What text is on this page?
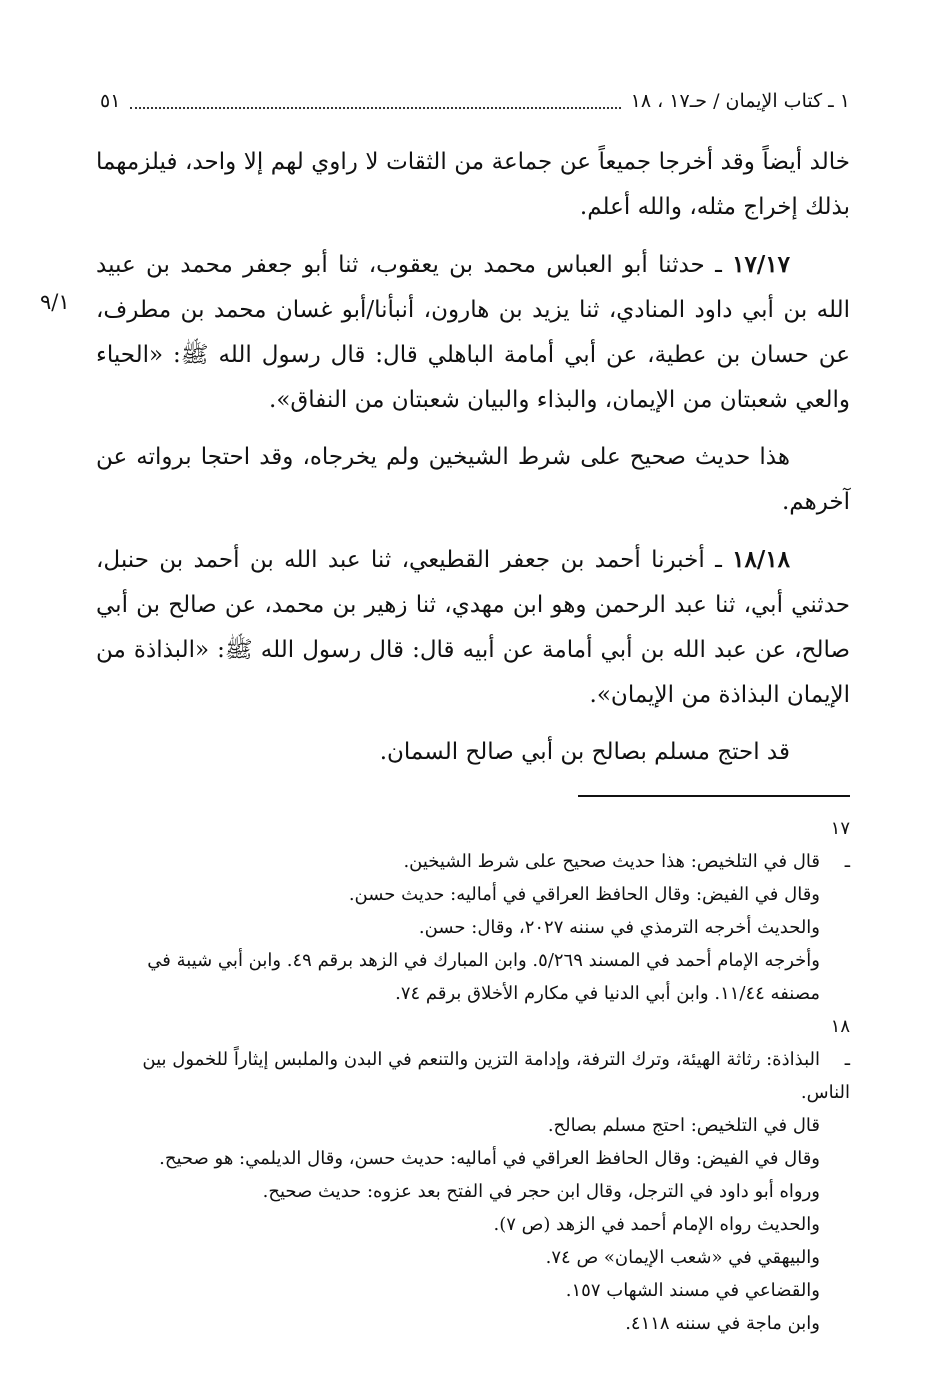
١ ـ كتاب الإيمان / حـ١٧ ، ١٨
٥١

خالد أيضاً وقد أخرجا جميعاً عن جماعة من الثقات لا راوي لهم إلا واحد، فيلزمهما بذلك إخراج مثله، والله أعلم.

١٧/١٧ ـ حدثنا أبو العباس محمد بن يعقوب، ثنا أبو جعفر محمد بن عبيد الله بن أبي داود المنادي، ثنا يزيد بن هارون، أنبأنا/أبو غسان محمد بن مطرف، عن حسان بن عطية، عن أبي أمامة الباهلي قال: قال رسول الله ﷺ: «الحياء والعي شعبتان من الإيمان، والبذاء والبيان شعبتان من النفاق».

هذا حديث صحيح على شرط الشيخين ولم يخرجاه، وقد احتجا برواته عن آخرهم.

١٨/١٨ ـ أخبرنا أحمد بن جعفر القطيعي، ثنا عبد الله بن أحمد بن حنبل، حدثني أبي، ثنا عبد الرحمن وهو ابن مهدي، ثنا زهير بن محمد، عن صالح بن أبي صالح، عن عبد الله بن أبي أمامة عن أبيه قال: قال رسول الله ﷺ: «البذاذة من الإيمان البذاذة من الإيمان».

قد احتج مسلم بصالح بن أبي صالح السمان.

٩/١

١٧ ـقال في التلخيص: هذا حديث صحيح على شرط الشيخين.

وقال في الفيض: وقال الحافظ العراقي في أماليه: حديث حسن.

والحديث أخرجه الترمذي في سننه ٢٠٢٧، وقال: حسن.

وأخرجه الإمام أحمد في المسند ٥/٢٦٩. وابن المبارك في الزهد برقم ٤٩. وابن أبي شيبة في مصنفه ١١/٤٤. وابن أبي الدنيا في مكارم الأخلاق برقم ٧٤.

١٨ ـالبذاذة: رثاثة الهيئة، وترك الترفة، وإدامة التزين والتنعم في البدن والملبس إيثاراً للخمول بين الناس.

قال في التلخيص: احتج مسلم بصالح.

وقال في الفيض: وقال الحافظ العراقي في أماليه: حديث حسن، وقال الديلمي: هو صحيح.

ورواه أبو داود في الترجل، وقال ابن حجر في الفتح بعد عزوه: حديث صحيح.

والحديث رواه الإمام أحمد في الزهد (ص ٧).

والبيهقي في «شعب الإيمان» ص ٧٤.

والقضاعي في مسند الشهاب ١٥٧.

وابن ماجة في سننه ٤١١٨.
